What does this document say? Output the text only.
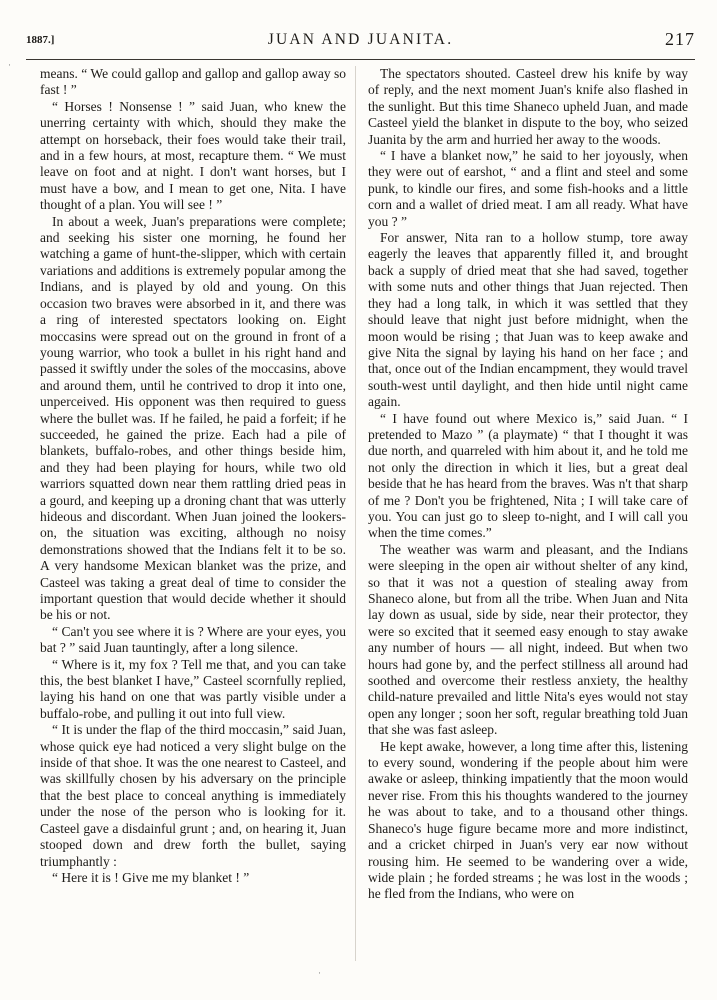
1887.]	JUAN AND JUANITA.	217

means. “ We could gallop and gallop and gallop away so fast ! ”

“ Horses ! Nonsense ! ” said Juan, who knew the unerring certainty with which, should they make the attempt on horseback, their foes would take their trail, and in a few hours, at most, recapture them. “ We must leave on foot and at night. I don't want horses, but I must have a bow, and I mean to get one, Nita. I have thought of a plan. You will see ! ”

In about a week, Juan's preparations were complete; and seeking his sister one morning, he found her watching a game of hunt-the-slipper, which with certain variations and additions is extremely popular among the Indians, and is played by old and young. On this occasion two braves were absorbed in it, and there was a ring of interested spectators looking on. Eight moccasins were spread out on the ground in front of a young warrior, who took a bullet in his right hand and passed it swiftly under the soles of the moccasins, above and around them, until he contrived to drop it into one, unperceived. His opponent was then required to guess where the bullet was. If he failed, he paid a forfeit; if he succeeded, he gained the prize. Each had a pile of blankets, buffalo-robes, and other things beside him, and they had been playing for hours, while two old warriors squatted down near them rattling dried peas in a gourd, and keeping up a droning chant that was utterly hideous and discordant. When Juan joined the lookers-on, the situation was exciting, although no noisy demonstrations showed that the Indians felt it to be so. A very handsome Mexican blanket was the prize, and Casteel was taking a great deal of time to consider the important question that would decide whether it should be his or not.

“ Can't you see where it is ? Where are your eyes, you bat ? ” said Juan tauntingly, after a long silence.

“ Where is it, my fox ? Tell me that, and you can take this, the best blanket I have,” Casteel scornfully replied, laying his hand on one that was partly visible under a buffalo-robe, and pulling it out into full view.

“ It is under the flap of the third moccasin,” said Juan, whose quick eye had noticed a very slight bulge on the inside of that shoe. It was the one nearest to Casteel, and was skillfully chosen by his adversary on the principle that the best place to conceal anything is immediately under the nose of the person who is looking for it. Casteel gave a disdainful grunt ; and, on hearing it, Juan stooped down and drew forth the bullet, saying triumphantly :

“ Here it is ! Give me my blanket ! ”

The spectators shouted. Casteel drew his knife by way of reply, and the next moment Juan's knife also flashed in the sunlight. But this time Shaneco upheld Juan, and made Casteel yield the blanket in dispute to the boy, who seized Juanita by the arm and hurried her away to the woods.

“ I have a blanket now,” he said to her joyously, when they were out of earshot, “ and a flint and steel and some punk, to kindle our fires, and some fish-hooks and a little corn and a wallet of dried meat. I am all ready. What have you ? ”

For answer, Nita ran to a hollow stump, tore away eagerly the leaves that apparently filled it, and brought back a supply of dried meat that she had saved, together with some nuts and other things that Juan rejected. Then they had a long talk, in which it was settled that they should leave that night just before midnight, when the moon would be rising ; that Juan was to keep awake and give Nita the signal by laying his hand on her face ; and that, once out of the Indian encampment, they would travel south-west until daylight, and then hide until night came again.

“ I have found out where Mexico is,” said Juan. “ I pretended to Mazo ” (a playmate) “ that I thought it was due north, and quarreled with him about it, and he told me not only the direction in which it lies, but a great deal beside that he has heard from the braves. Was n't that sharp of me ? Don't you be frightened, Nita ; I will take care of you. You can just go to sleep to-night, and I will call you when the time comes.”

The weather was warm and pleasant, and the Indians were sleeping in the open air without shelter of any kind, so that it was not a question of stealing away from Shaneco alone, but from all the tribe. When Juan and Nita lay down as usual, side by side, near their protector, they were so excited that it seemed easy enough to stay awake any number of hours — all night, indeed. But when two hours had gone by, and the perfect stillness all around had soothed and overcome their restless anxiety, the healthy child-nature prevailed and little Nita's eyes would not stay open any longer ; soon her soft, regular breathing told Juan that she was fast asleep.

He kept awake, however, a long time after this, listening to every sound, wondering if the people about him were awake or asleep, thinking impatiently that the moon would never rise. From this his thoughts wandered to the journey he was about to take, and to a thousand other things. Shaneco's huge figure became more and more indistinct, and a cricket chirped in Juan's very ear now without rousing him. He seemed to be wandering over a wide, wide plain ; he forded streams ; he was lost in the woods ; he fled from the Indians, who were on

·
·
